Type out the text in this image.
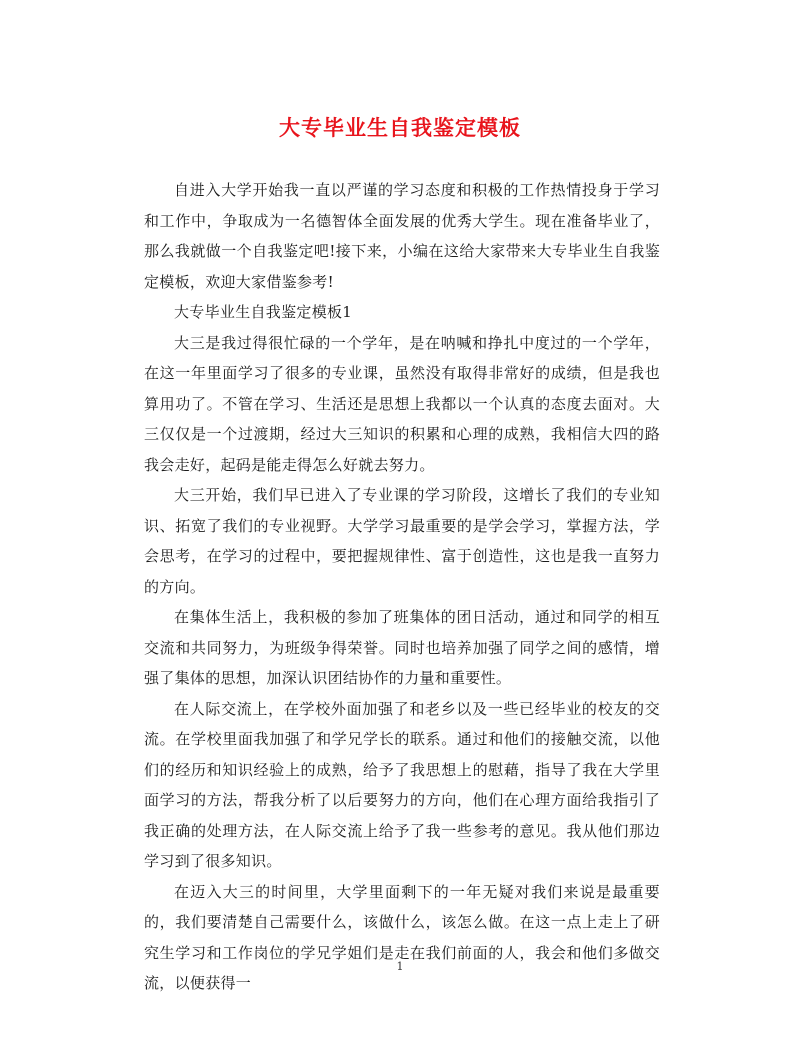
大专毕业生自我鉴定模板

自进入大学开始我一直以严谨的学习态度和积极的工作热情投身于学习和工作中，争取成为一名德智体全面发展的优秀大学生。现在准备毕业了，那么我就做一个自我鉴定吧!接下来，小编在这给大家带来大专毕业生自我鉴定模板，欢迎大家借鉴参考!

大专毕业生自我鉴定模板1

大三是我过得很忙碌的一个学年，是在呐喊和挣扎中度过的一个学年，在这一年里面学习了很多的专业课，虽然没有取得非常好的成绩，但是我也算用功了。不管在学习、生活还是思想上我都以一个认真的态度去面对。大三仅仅是一个过渡期，经过大三知识的积累和心理的成熟，我相信大四的路我会走好，起码是能走得怎么好就去努力。

大三开始，我们早已进入了专业课的学习阶段，这增长了我们的专业知识、拓宽了我们的专业视野。大学学习最重要的是学会学习，掌握方法，学会思考，在学习的过程中，要把握规律性、富于创造性，这也是我一直努力的方向。

在集体生活上，我积极的参加了班集体的团日活动，通过和同学的相互交流和共同努力，为班级争得荣誉。同时也培养加强了同学之间的感情，增强了集体的思想，加深认识团结协作的力量和重要性。

在人际交流上，在学校外面加强了和老乡以及一些已经毕业的校友的交流。在学校里面我加强了和学兄学长的联系。通过和他们的接触交流，以他们的经历和知识经验上的成熟，给予了我思想上的慰藉，指导了我在大学里面学习的方法，帮我分析了以后要努力的方向，他们在心理方面给我指引了我正确的处理方法，在人际交流上给予了我一些参考的意见。我从他们那边学习到了很多知识。

在迈入大三的时间里，大学里面剩下的一年无疑对我们来说是最重要的，我们要清楚自己需要什么，该做什么，该怎么做。在这一点上走上了研究生学习和工作岗位的学兄学姐们是走在我们前面的人，我会和他们多做交流，以便获得一

1
